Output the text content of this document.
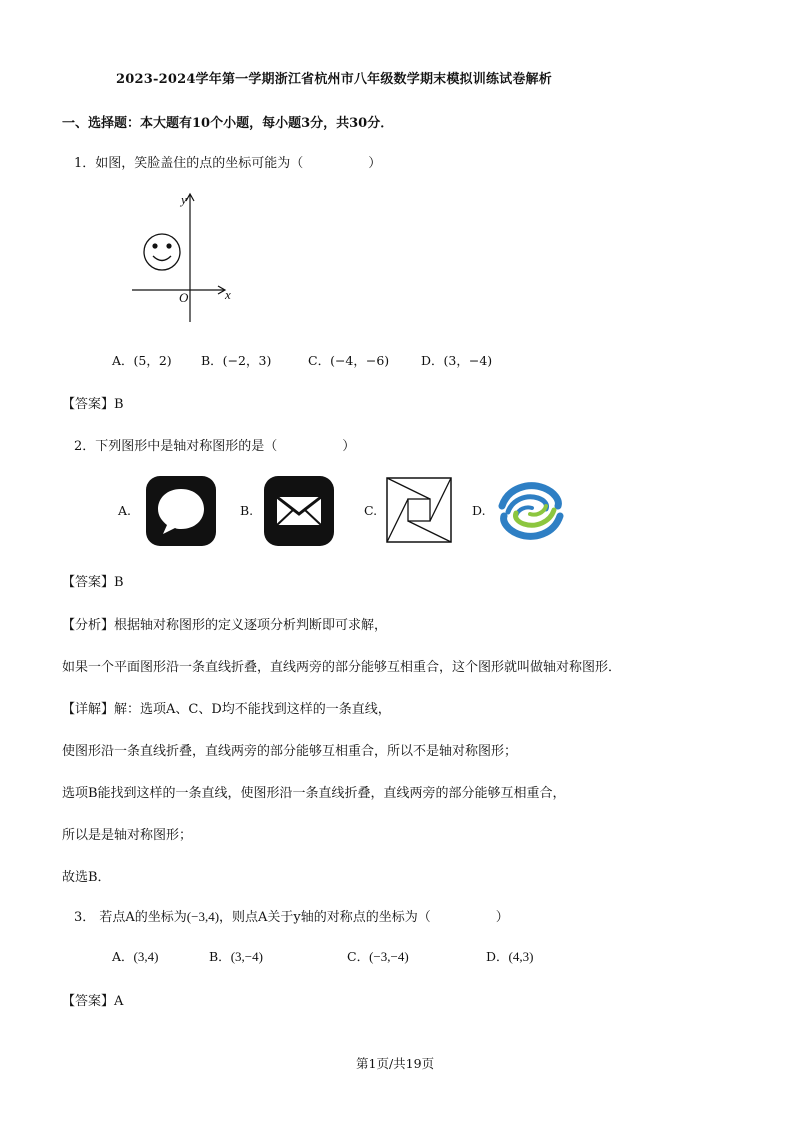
2023-2024学年第一学期浙江省杭州市八年级数学期末模拟训练试卷解析
一、选择题：本大题有10个小题，每小题3分，共30分．
1．如图，笑脸盖住的点的坐标可能为（　　　　　）
y
x
O
A．(5，2) B．(−2，3)	C．(−4，−6)	D．(3，−4)
【答案】B
2．下列图形中是轴对称图形的是（　　　　　）
A.	B.	C.	D.
【答案】B
【分析】根据轴对称图形的定义逐项分析判断即可求解，
如果一个平面图形沿一条直线折叠，直线两旁的部分能够互相重合，这个图形就叫做轴对称图形．
【详解】解：选项A、C、D均不能找到这样的一条直线，
使图形沿一条直线折叠，直线两旁的部分能够互相重合，所以不是轴对称图形；
选项B能找到这样的一条直线，使图形沿一条直线折叠，直线两旁的部分能够互相重合，
所以是是轴对称图形；
故选B．
3． 若点A的坐标为(−3,4)，则点A关于y轴的对称点的坐标为（　　　　　）
A．(3,4)	B．(3,−4)	C．(−3,−4)	D．(4,3)
【答案】A
第1页/共19页
